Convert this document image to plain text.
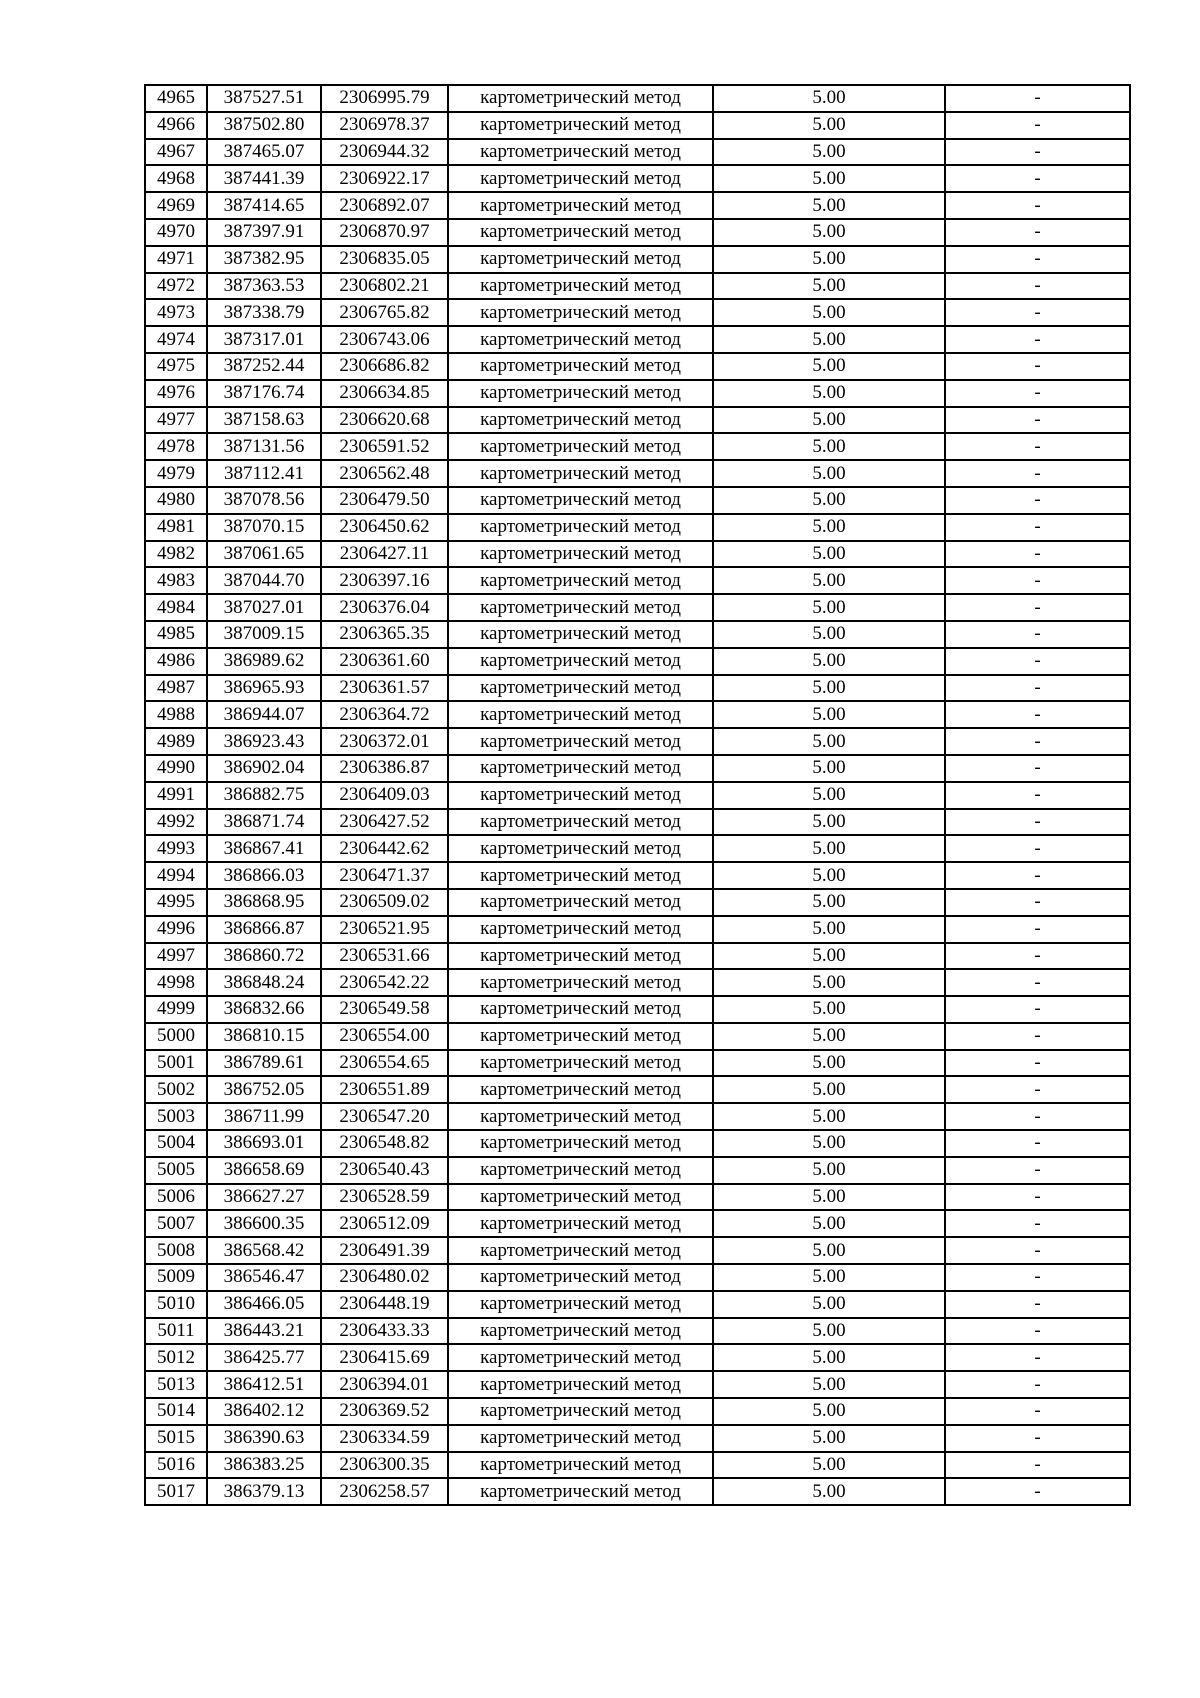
4965	387527.51	2306995.79	картометрический метод	5.00	-
4966	387502.80	2306978.37	картометрический метод	5.00	-
4967	387465.07	2306944.32	картометрический метод	5.00	-
4968	387441.39	2306922.17	картометрический метод	5.00	-
4969	387414.65	2306892.07	картометрический метод	5.00	-
4970	387397.91	2306870.97	картометрический метод	5.00	-
4971	387382.95	2306835.05	картометрический метод	5.00	-
4972	387363.53	2306802.21	картометрический метод	5.00	-
4973	387338.79	2306765.82	картометрический метод	5.00	-
4974	387317.01	2306743.06	картометрический метод	5.00	-
4975	387252.44	2306686.82	картометрический метод	5.00	-
4976	387176.74	2306634.85	картометрический метод	5.00	-
4977	387158.63	2306620.68	картометрический метод	5.00	-
4978	387131.56	2306591.52	картометрический метод	5.00	-
4979	387112.41	2306562.48	картометрический метод	5.00	-
4980	387078.56	2306479.50	картометрический метод	5.00	-
4981	387070.15	2306450.62	картометрический метод	5.00	-
4982	387061.65	2306427.11	картометрический метод	5.00	-
4983	387044.70	2306397.16	картометрический метод	5.00	-
4984	387027.01	2306376.04	картометрический метод	5.00	-
4985	387009.15	2306365.35	картометрический метод	5.00	-
4986	386989.62	2306361.60	картометрический метод	5.00	-
4987	386965.93	2306361.57	картометрический метод	5.00	-
4988	386944.07	2306364.72	картометрический метод	5.00	-
4989	386923.43	2306372.01	картометрический метод	5.00	-
4990	386902.04	2306386.87	картометрический метод	5.00	-
4991	386882.75	2306409.03	картометрический метод	5.00	-
4992	386871.74	2306427.52	картометрический метод	5.00	-
4993	386867.41	2306442.62	картометрический метод	5.00	-
4994	386866.03	2306471.37	картометрический метод	5.00	-
4995	386868.95	2306509.02	картометрический метод	5.00	-
4996	386866.87	2306521.95	картометрический метод	5.00	-
4997	386860.72	2306531.66	картометрический метод	5.00	-
4998	386848.24	2306542.22	картометрический метод	5.00	-
4999	386832.66	2306549.58	картометрический метод	5.00	-
5000	386810.15	2306554.00	картометрический метод	5.00	-
5001	386789.61	2306554.65	картометрический метод	5.00	-
5002	386752.05	2306551.89	картометрический метод	5.00	-
5003	386711.99	2306547.20	картометрический метод	5.00	-
5004	386693.01	2306548.82	картометрический метод	5.00	-
5005	386658.69	2306540.43	картометрический метод	5.00	-
5006	386627.27	2306528.59	картометрический метод	5.00	-
5007	386600.35	2306512.09	картометрический метод	5.00	-
5008	386568.42	2306491.39	картометрический метод	5.00	-
5009	386546.47	2306480.02	картометрический метод	5.00	-
5010	386466.05	2306448.19	картометрический метод	5.00	-
5011	386443.21	2306433.33	картометрический метод	5.00	-
5012	386425.77	2306415.69	картометрический метод	5.00	-
5013	386412.51	2306394.01	картометрический метод	5.00	-
5014	386402.12	2306369.52	картометрический метод	5.00	-
5015	386390.63	2306334.59	картометрический метод	5.00	-
5016	386383.25	2306300.35	картометрический метод	5.00	-
5017	386379.13	2306258.57	картометрический метод	5.00	-
